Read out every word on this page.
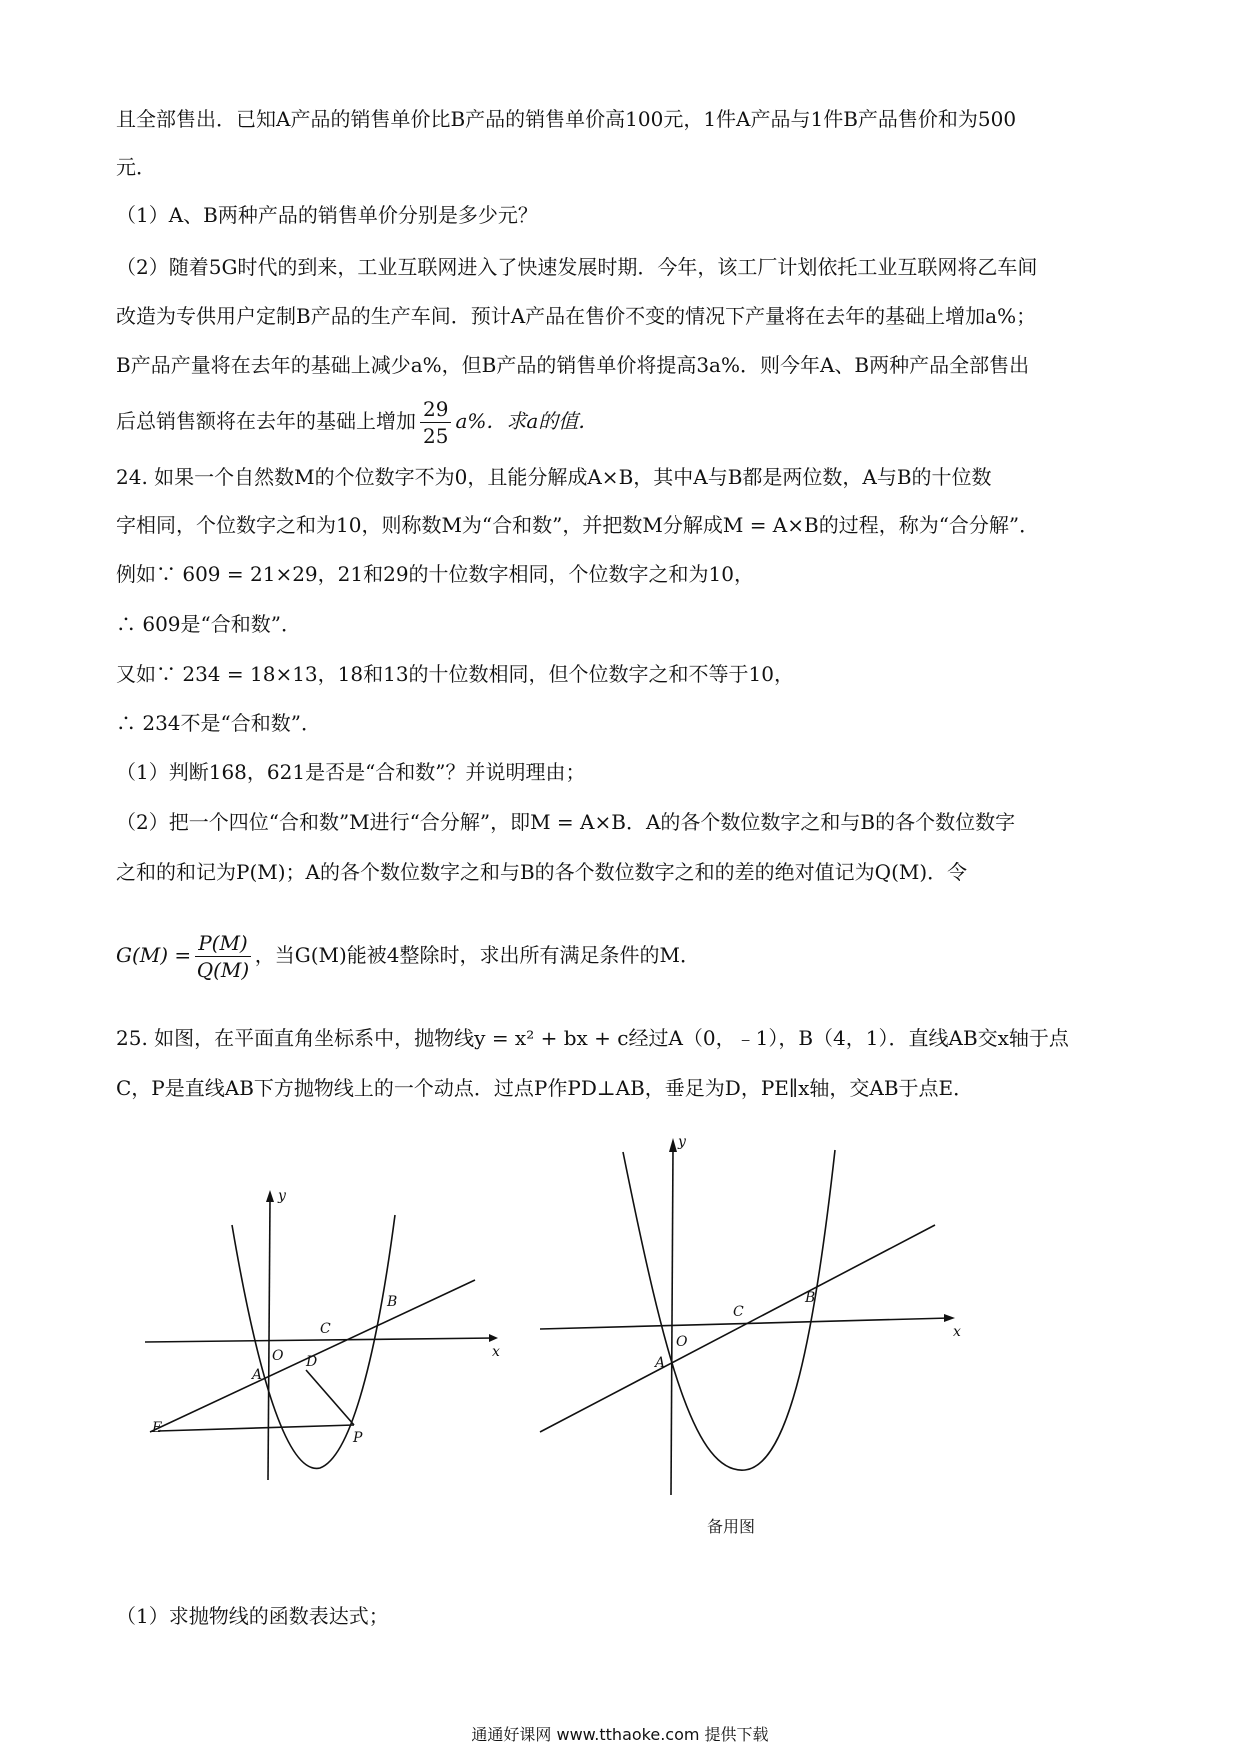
且全部售出．已知A产品的销售单价比B产品的销售单价高100元，1件A产品与1件B产品售价和为500
元．
（1）A、B两种产品的销售单价分别是多少元？
（2）随着5G时代的到来，工业互联网进入了快速发展时期．今年，该工厂计划依托工业互联网将乙车间
改造为专供用户定制B产品的生产车间．预计A产品在售价不变的情况下产量将在去年的基础上增加a%；
B产品产量将在去年的基础上减少a%，但B产品的销售单价将提高3a%．则今年A、B两种产品全部售出
后总销售额将在去年的基础上增加 $\frac{29}{25} a\%$．求a的值．
24. 如果一个自然数M的个位数字不为0，且能分解成A×B，其中A与B都是两位数，A与B的十位数
字相同，个位数字之和为10，则称数M为“合和数”，并把数M分解成M = A×B的过程，称为“合分解”．
例如∵ 609 = 21×29，21和29的十位数字相同，个位数字之和为10，
∴ 609是“合和数”．
又如∵ 234 = 18×13，18和13的十位数相同，但个位数字之和不等于10，
∴ 234不是“合和数”．
（1）判断168，621是否是“合和数”？并说明理由；
（2）把一个四位“合和数”M进行“合分解”，即M = A×B．A的各个数位数字之和与B的各个数位数字
之和的和记为P(M)；A的各个数位数字之和与B的各个数位数字之和的差的绝对值记为Q(M)．令
$G(M) = \frac{P(M)}{Q(M)}$ ，当G(M)能被4整除时，求出所有满足条件的M．
25. 如图，在平面直角坐标系中，抛物线y = x² + bx + c经过A（0，﹣1），B（4，1）．直线AB交x轴于点
C，P是直线AB下方抛物线上的一个动点．过点P作PD⊥AB，垂足为D，PE∥x轴，交AB于点E．
y
x
O
A
B
C
D
E
P
y
x
O
A
B
C
备用图
（1）求抛物线的函数表达式；
通通好课网 www.tthaoke.com 提供下载
